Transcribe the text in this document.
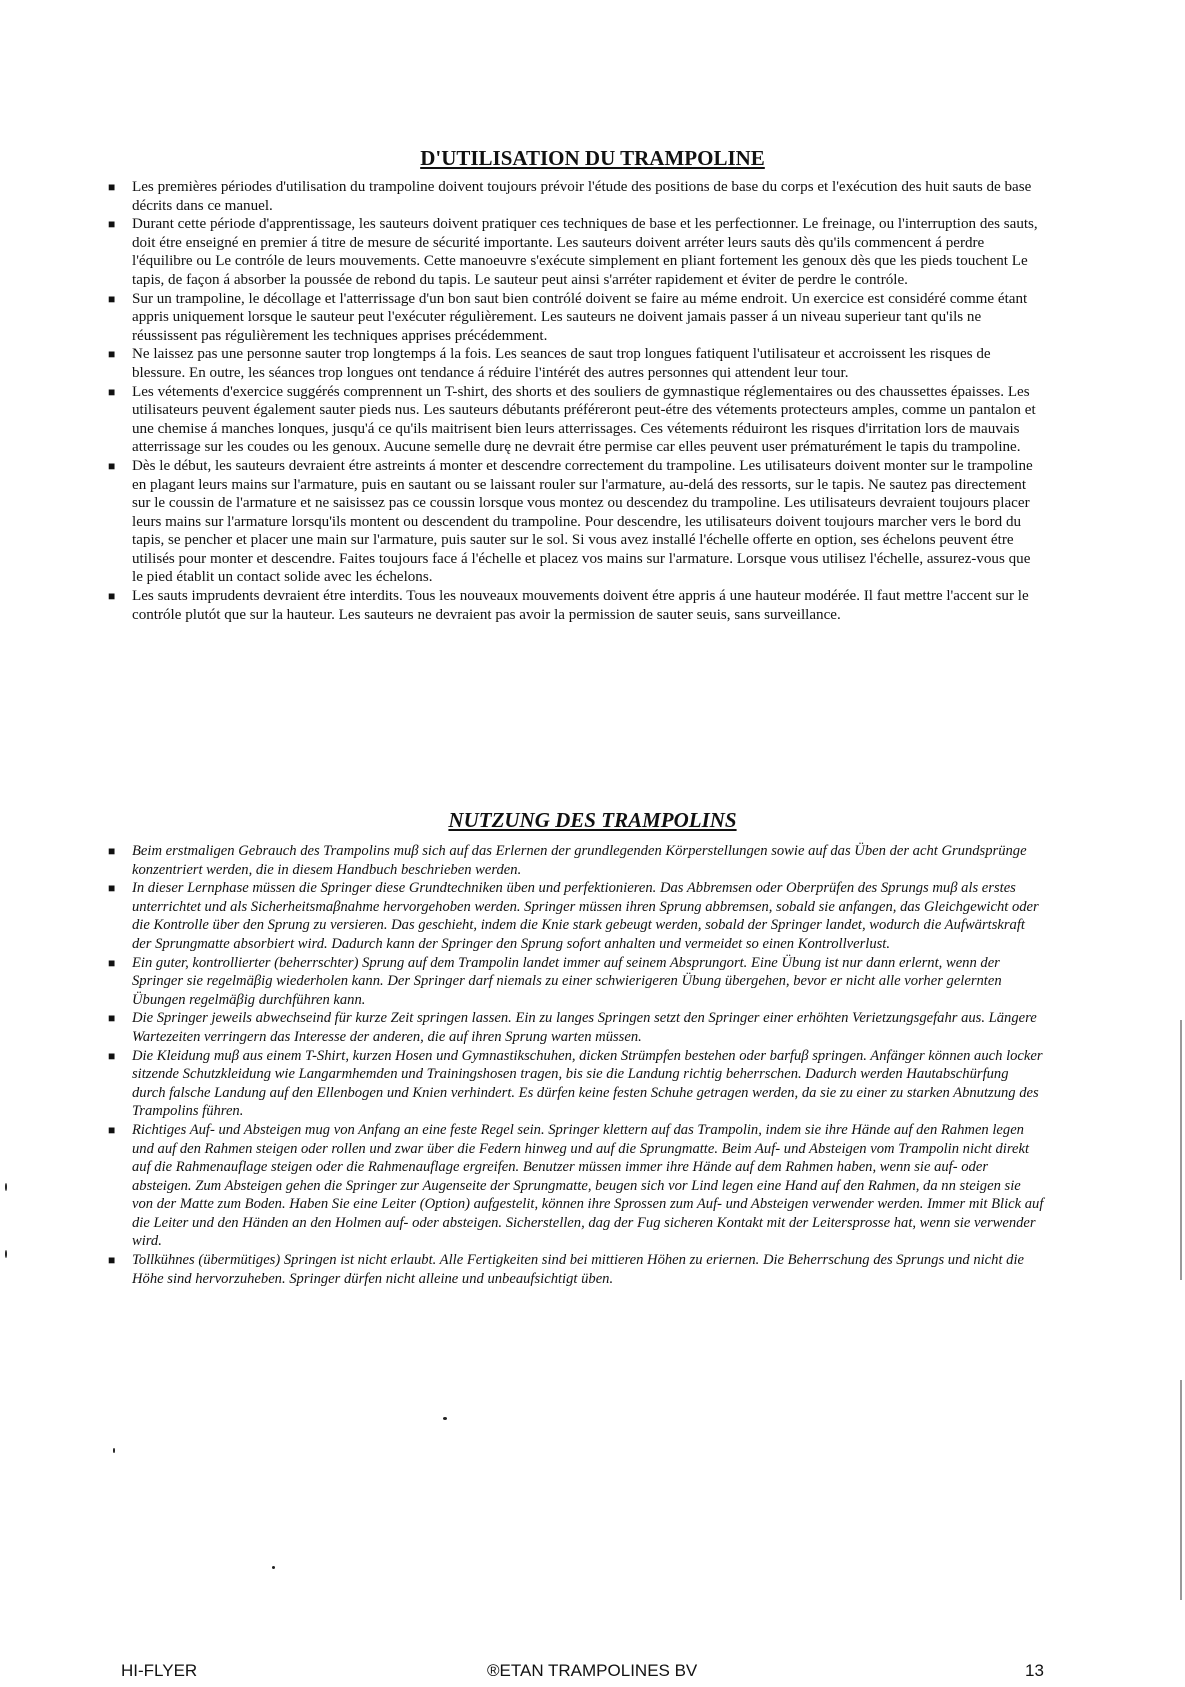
D'UTILISATION DU TRAMPOLINE
■ Les premières périodes d'utilisation du trampoline doivent toujours prévoir l'étude des positions de base du corps et l'exécution des huit sauts de base décrits dans ce manuel.
■ Durant cette période d'apprentissage, les sauteurs doivent pratiquer ces techniques de base et les perfectionner. Le freinage, ou l'interruption des sauts, doit étre enseigné en premier á titre de mesure de sécurité importante. Les sauteurs doivent arréter leurs sauts dès qu'ils commencent á perdre l'équilibre ou Le contróle de leurs mouvements. Cette manoeuvre s'exécute simplement en pliant fortement les genoux dès que les pieds touchent Le tapis, de façon á absorber la poussée de rebond du tapis. Le sauteur peut ainsi s'arréter rapidement et éviter de perdre le contróle.
■ Sur un trampoline, le décollage et l'atterrissage d'un bon saut bien contrólé doivent se faire au méme endroit. Un exercice est considéré comme étant appris uniquement lorsque le sauteur peut l'exécuter régulièrement. Les sauteurs ne doivent jamais passer á un niveau superieur tant qu'ils ne réussissent pas régulièrement les techniques apprises précédemment.
■ Ne laissez pas une personne sauter trop longtemps á la fois. Les seances de saut trop longues fatiquent l'utilisateur et accroissent les risques de blessure. En outre, les séances trop longues ont tendance á réduire l'intérét des autres personnes qui attendent leur tour.
■ Les vétements d'exercice suggérés comprennent un T-shirt, des shorts et des souliers de gymnastique réglementaires ou des chaussettes épaisses. Les utilisateurs peuvent également sauter pieds nus. Les sauteurs débutants préféreront peut-étre des vétements protecteurs amples, comme un pantalon et une chemise á manches lonques, jusqu'á ce qu'ils maitrisent bien leurs atterrissages. Ces vétements réduiront les risques d'irritation lors de mauvais atterrissage sur les coudes ou les genoux. Aucune semelle durę ne devrait étre permise car elles peuvent user prématurément le tapis du trampoline.
■ Dès le début, les sauteurs devraient étre astreints á monter et descendre correctement du trampoline. Les utilisateurs doivent monter sur le trampoline en plagant leurs mains sur l'armature, puis en sautant ou se laissant rouler sur l'armature, au-delá des ressorts, sur le tapis. Ne sautez pas directement sur le coussin de l'armature et ne saisissez pas ce coussin lorsque vous montez ou descendez du trampoline. Les utilisateurs devraient toujours placer leurs mains sur l'armature lorsqu'ils montent ou descendent du trampoline. Pour descendre, les utilisateurs doivent toujours marcher vers le bord du tapis, se pencher et placer une main sur l'armature, puis sauter sur le sol. Si vous avez installé l'échelle offerte en option, ses échelons peuvent étre utilisés pour monter et descendre. Faites toujours face á l'échelle et placez vos mains sur l'armature. Lorsque vous utilisez l'échelle, assurez-vous que le pied établit un contact solide avec les échelons.
■ Les sauts imprudents devraient étre interdits. Tous les nouveaux mouvements doivent étre appris á une hauteur modérée. Il faut mettre l'accent sur le contróle plutót que sur la hauteur. Les sauteurs ne devraient pas avoir la permission de sauter seuis, sans surveillance.
NUTZUNG DES TRAMPOLINS
■ Beim erstmaligen Gebrauch des Trampolins muβ sich auf das Erlernen der grundlegenden Körperstellungen sowie auf das Üben der acht Grundsprünge konzentriert werden, die in diesem Handbuch beschrieben werden.
■ In dieser Lernphase müssen die Springer diese Grundtechniken üben und perfektionieren. Das Abbremsen oder Oberprüfen des Sprungs muβ als erstes unterrichtet und als Sicherheitsmaβnahme hervorgehoben werden. Springer müssen ihren Sprung abbremsen, sobald sie anfangen, das Gleichgewicht oder die Kontrolle über den Sprung zu versieren. Das geschieht, indem die Knie stark gebeugt werden, sobald der Springer landet, wodurch die Aufwärtskraft der Sprungmatte absorbiert wird. Dadurch kann der Springer den Sprung sofort anhalten und vermeidet so einen Kontrollverlust.
■ Ein guter, kontrollierter (beherrschter) Sprung auf dem Trampolin landet immer auf seinem Absprungort. Eine Übung ist nur dann erlernt, wenn der Springer sie regelmäβig wiederholen kann. Der Springer darf niemals zu einer schwierigeren Übung übergehen, bevor er nicht alle vorher gelernten Übungen regelmäβig durchführen kann.
■ Die Springer jeweils abwechseind für kurze Zeit springen lassen. Ein zu langes Springen setzt den Springer einer erhöhten Verietzungsgefahr aus. Längere Wartezeiten verringern das Interesse der anderen, die auf ihren Sprung warten müssen.
■ Die Kleidung muβ aus einem T-Shirt, kurzen Hosen und Gymnastikschuhen, dicken Strümpfen bestehen oder barfuβ springen. Anfänger können auch locker sitzende Schutzkleidung wie Langarmhemden und Trainingshosen tragen, bis sie die Landung richtig beherrschen. Dadurch werden Hautabschürfung durch falsche Landung auf den Ellenbogen und Knien verhindert. Es dürfen keine festen Schuhe getragen werden, da sie zu einer zu starken Abnutzung des Trampolins führen.
■ Richtiges Auf- und Absteigen mug von Anfang an eine feste Regel sein. Springer klettern auf das Trampolin, indem sie ihre Hände auf den Rahmen legen und auf den Rahmen steigen oder rollen und zwar über die Federn hinweg und auf die Sprungmatte. Beim Auf- und Absteigen vom Trampolin nicht direkt auf die Rahmenauflage steigen oder die Rahmenauflage ergreifen. Benutzer müssen immer ihre Hände auf dem Rahmen haben, wenn sie auf- oder absteigen. Zum Absteigen gehen die Springer zur Augenseite der Sprungmatte, beugen sich vor Lind legen eine Hand auf den Rahmen, da nn steigen sie von der Matte zum Boden. Haben Sie eine Leiter (Option) aufgestelit, können ihre Sprossen zum Auf- und Absteigen verwender werden. Immer mit Blick auf die Leiter und den Händen an den Holmen auf- oder absteigen. Sicherstellen, dag der Fug sicheren Kontakt mit der Leitersprosse hat, wenn sie verwender wird.
■ Tollkühnes (übermütiges) Springen ist nicht erlaubt. Alle Fertigkeiten sind bei mittieren Höhen zu eriernen. Die Beherrschung des Sprungs und nicht die Höhe sind hervorzuheben. Springer dürfen nicht alleine und unbeaufsichtigt üben.
HI-FLYER	®ETAN TRAMPOLINES BV	13
